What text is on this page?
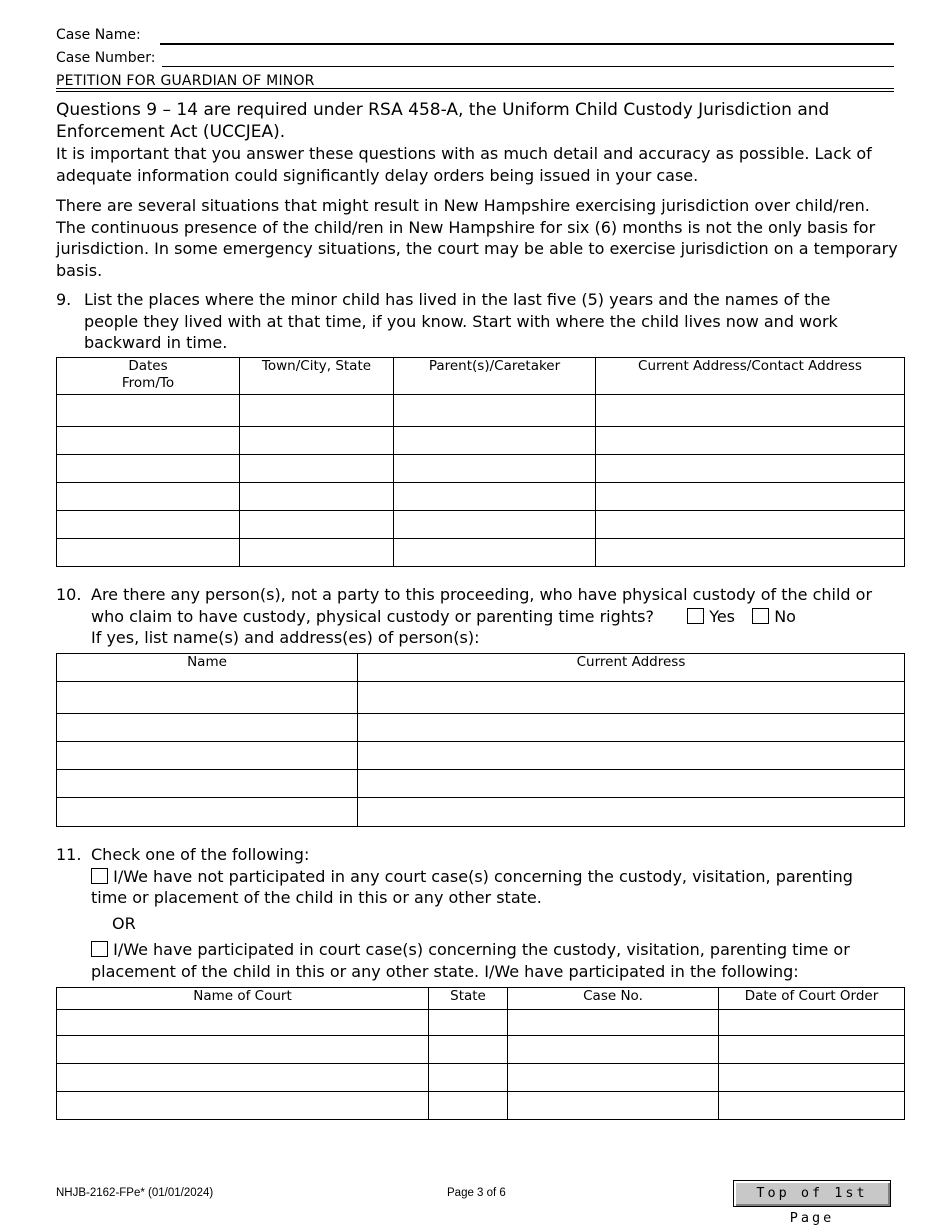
Case Name:
Case Number:
PETITION FOR GUARDIAN OF MINOR
Questions 9 – 14 are required under RSA 458-A, the Uniform Child Custody Jurisdiction and Enforcement Act (UCCJEA).
It is important that you answer these questions with as much detail and accuracy as possible. Lack of adequate information could significantly delay orders being issued in your case.
There are several situations that might result in New Hampshire exercising jurisdiction over child/ren. The continuous presence of the child/ren in New Hampshire for six (6) months is not the only basis for jurisdiction. In some emergency situations, the court may be able to exercise jurisdiction on a temporary basis.
9. List the places where the minor child has lived in the last five (5) years and the names of the people they lived with at that time, if you know. Start with where the child lives now and work backward in time.
Dates
From/To	Town/City, State	Parent(s)/Caretaker	Current Address/Contact Address

10. Are there any person(s), not a party to this proceeding, who have physical custody of the child or who claim to have custody, physical custody or parenting time rights?	Yes No
If yes, list name(s) and address(es) of person(s):
Name	Current Address

11. Check one of the following:
I/We have not participated in any court case(s) concerning the custody, visitation, parenting time or placement of the child in this or any other state.
OR
I/We have participated in court case(s) concerning the custody, visitation, parenting time or placement of the child in this or any other state. I/We have participated in the following:
Name of Court	State	Case No.	Date of Court Order

NHJB-2162-FPe* (01/01/2024)	Page 3 of 6	Top of 1st Page
